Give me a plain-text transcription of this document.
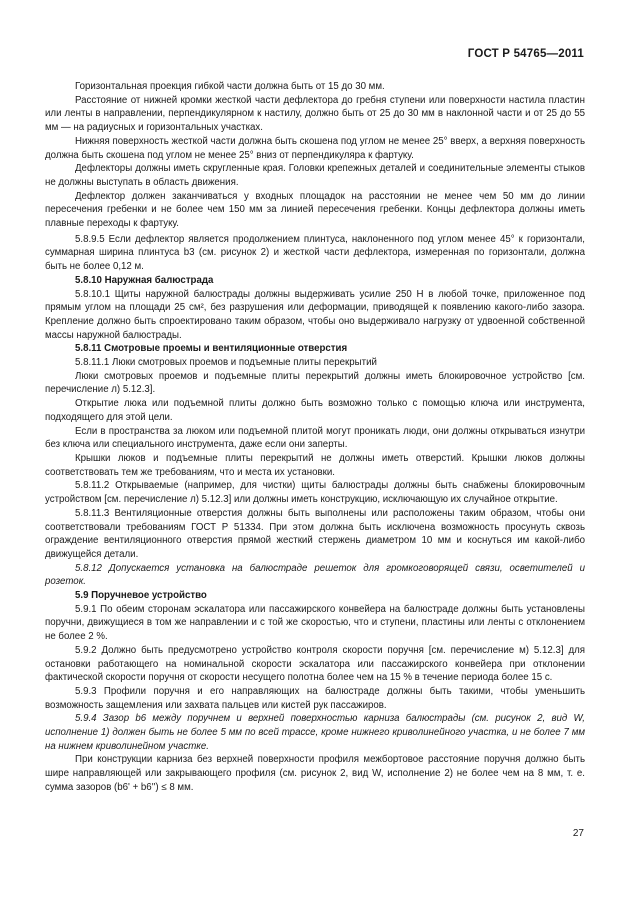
ГОСТ Р 54765—2011

Горизонтальная проекция гибкой части должна быть от 15 до 30 мм.

Расстояние от нижней кромки жесткой части дефлектора до гребня ступени или поверхности настила пластин или ленты в направлении, перпендикулярном к настилу, должно быть от 25 до 30 мм в наклонной части и от 25 до 55 мм — на радиусных и горизонтальных участках.

Нижняя поверхность жесткой части должна быть скошена под углом не менее 25° вверх, а верхняя поверхность должна быть скошена под углом не менее 25° вниз от перпендикуляра к фартуку.

Дефлекторы должны иметь скругленные края. Головки крепежных деталей и соединительные элементы стыков не должны выступать в область движения.

Дефлектор должен заканчиваться у входных площадок на расстоянии не менее чем 50 мм до линии пересечения гребенки и не более чем 150 мм за линией пересечения гребенки. Концы дефлектора должны иметь плавные переходы к фартуку.

5.8.9.5 Если дефлектор является продолжением плинтуса, наклоненного под углом менее 45° к горизонтали, суммарная ширина плинтуса b3 (см. рисунок 2) и жесткой части дефлектора, измеренная по горизонтали, должна быть не более 0,12 м.

5.8.10 Наружная балюстрада

5.8.10.1 Щиты наружной балюстрады должны выдерживать усилие 250 Н в любой точке, приложенное под прямым углом на площади 25 см², без разрушения или деформации, приводящей к появлению какого-либо зазора. Крепление должно быть спроектировано таким образом, чтобы оно выдерживало нагрузку от удвоенной собственной массы наружной балюстрады.

5.8.11 Смотровые проемы и вентиляционные отверстия

5.8.11.1 Люки смотровых проемов и подъемные плиты перекрытий

Люки смотровых проемов и подъемные плиты перекрытий должны иметь блокировочное устройство [см. перечисление л) 5.12.3].

Открытие люка или подъемной плиты должно быть возможно только с помощью ключа или инструмента, подходящего для этой цели.

Если в пространства за люком или подъемной плитой могут проникать люди, они должны открываться изнутри без ключа или специального инструмента, даже если они заперты.

Крышки люков и подъемные плиты перекрытий не должны иметь отверстий. Крышки люков должны соответствовать тем же требованиям, что и места их установки.

5.8.11.2 Открываемые (например, для чистки) щиты балюстрады должны быть снабжены блокировочным устройством [см. перечисление л) 5.12.3] или должны иметь конструкцию, исключающую их случайное открытие.

5.8.11.3 Вентиляционные отверстия должны быть выполнены или расположены таким образом, чтобы они соответствовали требованиям ГОСТ Р 51334. При этом должна быть исключена возможность просунуть сквозь ограждение вентиляционного отверстия прямой жесткий стержень диаметром 10 мм и коснуться им какой-либо движущейся детали.

5.8.12 Допускается установка на балюстраде решеток для громкоговорящей связи, осветителей и розеток.

5.9 Поручневое устройство

5.9.1 По обеим сторонам эскалатора или пассажирского конвейера на балюстраде должны быть установлены поручни, движущиеся в том же направлении и с той же скоростью, что и ступени, пластины или ленты с отклонением не более 2 %.

5.9.2 Должно быть предусмотрено устройство контроля скорости поручня [см. перечисление м) 5.12.3] для остановки работающего на номинальной скорости эскалатора или пассажирского конвейера при отклонении фактической скорости поручня от скорости несущего полотна более чем на 15 % в течение периода более 15 с.

5.9.3 Профили поручня и его направляющих на балюстраде должны быть такими, чтобы уменьшить возможность защемления или захвата пальцев или кистей рук пассажиров.

5.9.4 Зазор b6 между поручнем и верхней поверхностью карниза балюстрады (см. рисунок 2, вид W, исполнение 1) должен быть не более 5 мм по всей трассе, кроме нижнего криволинейного участка, и не более 7 мм на нижнем криволинейном участке.

При конструкции карниза без верхней поверхности профиля межбортовое расстояние поручня должно быть шире направляющей или закрывающего профиля (см. рисунок 2, вид W, исполнение 2) не более чем на 8 мм, т. е. сумма зазоров (b6' + b6'') ≤ 8 мм.

27
